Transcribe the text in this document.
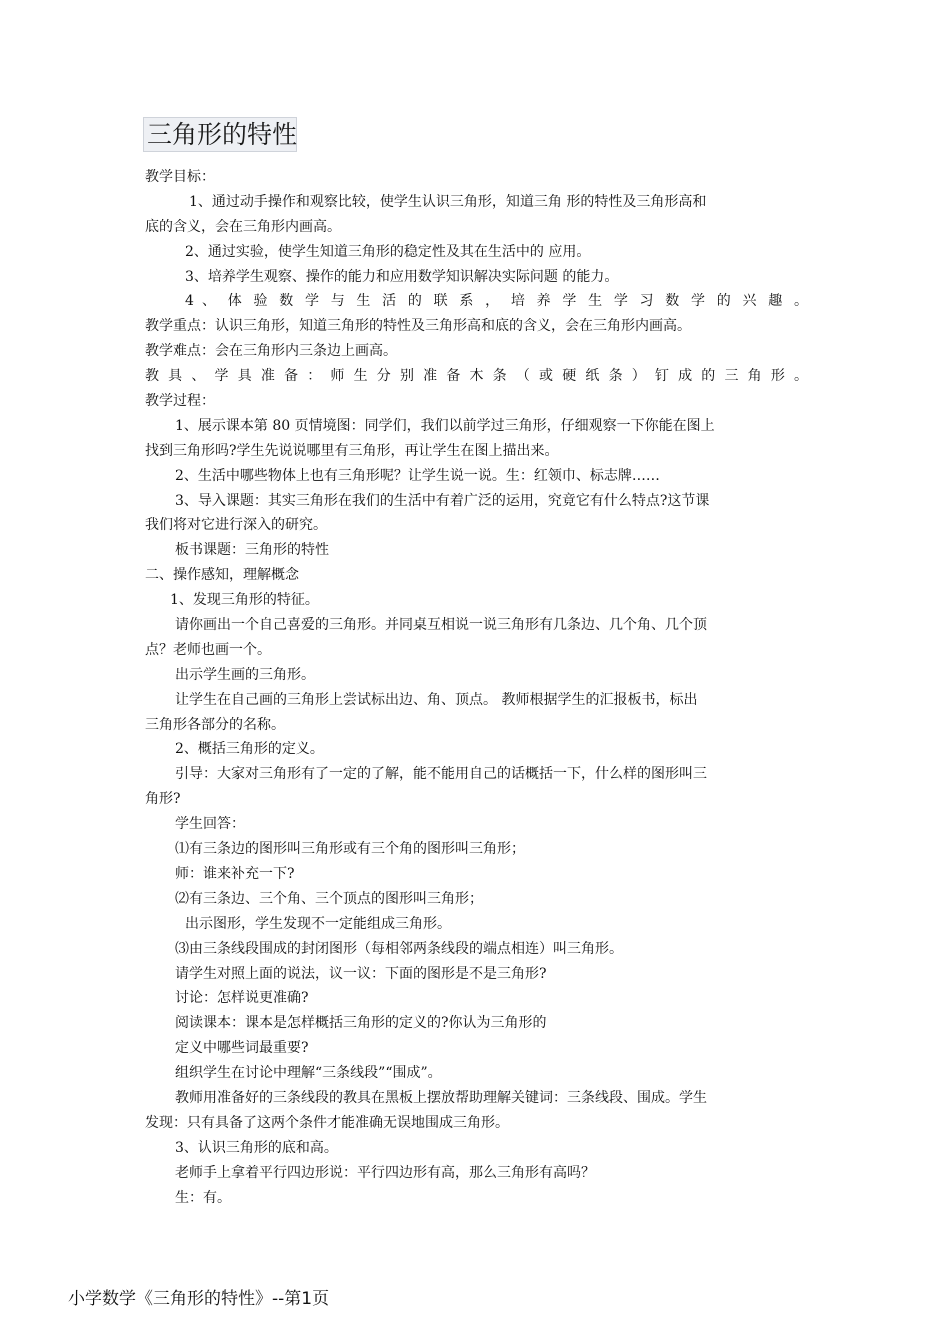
三角形的特性
教学目标：
1、通过动手操作和观察比较，使学生认识三角形，知道三角 形的特性及三角形高和
底的含义，会在三角形内画高。
2、通过实验，使学生知道三角形的稳定性及其在生活中的 应用。
3、培养学生观察、操作的能力和应用数学知识解决实际问题 的能力。
4 、 体 验 数 学 与 生 活 的 联 系 ， 培 养 学 生 学 习 数 学 的 兴 趣 。
教学重点：认识三角形，知道三角形的特性及三角形高和底的含义，会在三角形内画高。
教学难点：会在三角形内三条边上画高。
教 具 、 学 具 准 备 ： 师 生 分 别 准 备 木 条 （ 或 硬 纸 条 ） 钉 成 的 三 角 形 。
教学过程：
1、展示课本第 80 页情境图：同学们，我们以前学过三角形，仔细观察一下你能在图上
找到三角形吗?学生先说说哪里有三角形，再让学生在图上描出来。
2、生活中哪些物体上也有三角形呢？让学生说一说。生：红领巾、标志牌……
3、导入课题：其实三角形在我们的生活中有着广泛的运用，究竟它有什么特点?这节课
我们将对它进行深入的研究。
板书课题：三角形的特性
二、操作感知，理解概念
1、发现三角形的特征。
请你画出一个自己喜爱的三角形。并同桌互相说一说三角形有几条边、几个角、几个顶
点？老师也画一个。
出示学生画的三角形。
让学生在自己画的三角形上尝试标出边、角、顶点。 教师根据学生的汇报板书，标出
三角形各部分的名称。
2、概括三角形的定义。
引导：大家对三角形有了一定的了解，能不能用自己的话概括一下，什么样的图形叫三
角形?
学生回答：
⑴有三条边的图形叫三角形或有三个角的图形叫三角形；
师：谁来补充一下?
⑵有三条边、三个角、三个顶点的图形叫三角形；
出示图形，学生发现不一定能组成三角形。
⑶由三条线段围成的封闭图形（每相邻两条线段的端点相连）叫三角形。
请学生对照上面的说法，议一议：下面的图形是不是三角形?
讨论：怎样说更准确?
阅读课本：课本是怎样概括三角形的定义的?你认为三角形的
定义中哪些词最重要?
组织学生在讨论中理解“三条线段”“围成”。
教师用准备好的三条线段的教具在黑板上摆放帮助理解关键词：三条线段、围成。学生
发现：只有具备了这两个条件才能准确无误地围成三角形。
3、认识三角形的底和高。
老师手上拿着平行四边形说：平行四边形有高，那么三角形有高吗？
生：有。
小学数学《三角形的特性》--第1页
